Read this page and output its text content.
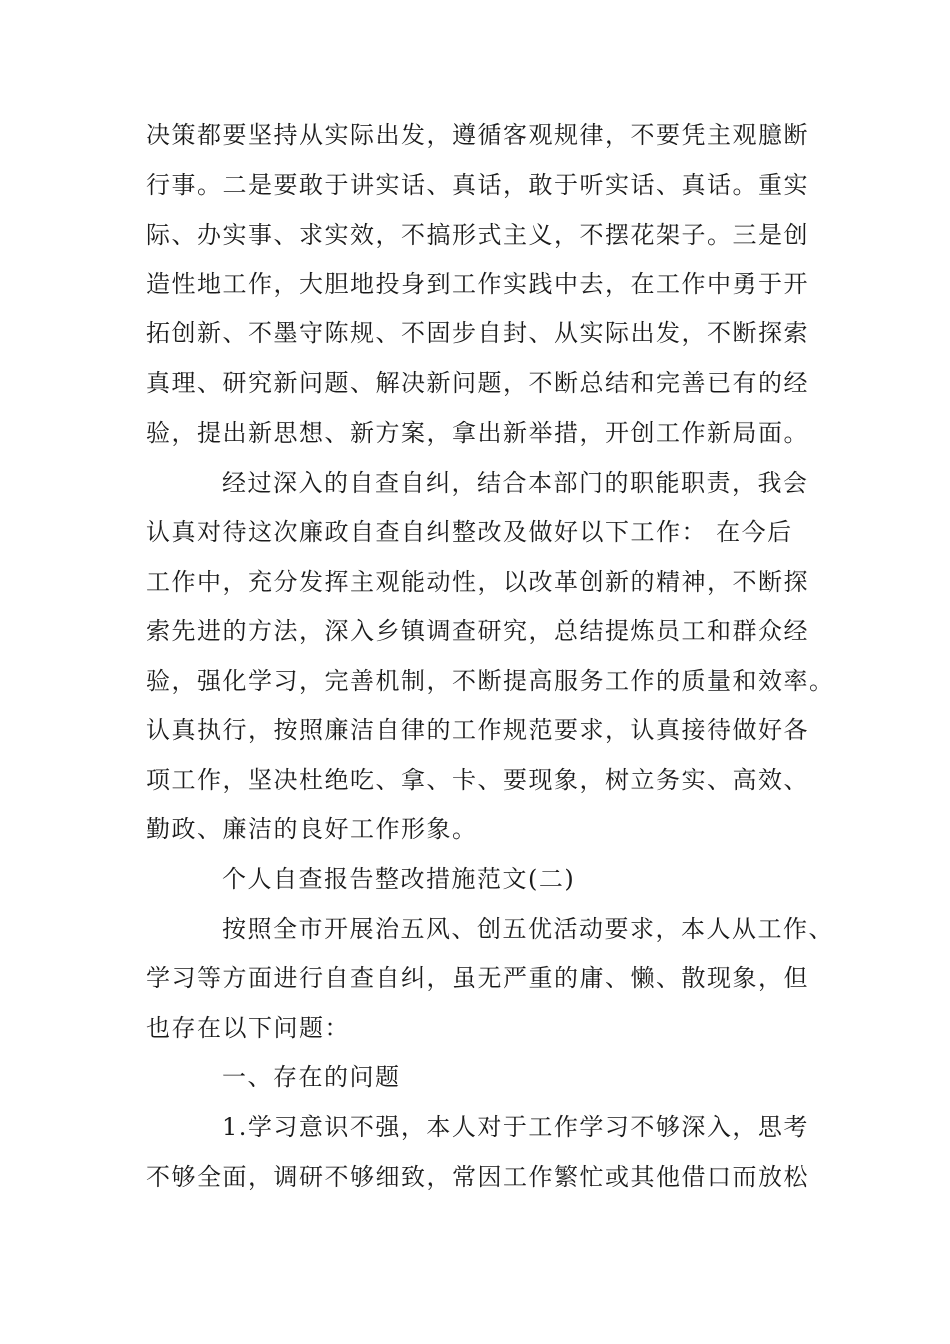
决策都要坚持从实际出发，遵循客观规律，不要凭主观臆断
行事。二是要敢于讲实话、真话，敢于听实话、真话。重实
际、办实事、求实效，不搞形式主义，不摆花架子。三是创
造性地工作，大胆地投身到工作实践中去，在工作中勇于开
拓创新、不墨守陈规、不固步自封、从实际出发，不断探索
真理、研究新问题、解决新问题，不断总结和完善已有的经
验，提出新思想、新方案，拿出新举措，开创工作新局面。
经过深入的自查自纠，结合本部门的职能职责，我会
认真对待这次廉政自查自纠整改及做好以下工作： 在今后
工作中，充分发挥主观能动性，以改革创新的精神，不断探
索先进的方法，深入乡镇调查研究，总结提炼员工和群众经
验，强化学习，完善机制，不断提高服务工作的质量和效率。
认真执行，按照廉洁自律的工作规范要求，认真接待做好各
项工作，坚决杜绝吃、拿、卡、要现象，树立务实、高效、
勤政、廉洁的良好工作形象。
个人自查报告整改措施范文(二)
按照全市开展治五风、创五优活动要求，本人从工作、
学习等方面进行自查自纠，虽无严重的庸、懒、散现象，但
也存在以下问题：
一、存在的问题
1.学习意识不强，本人对于工作学习不够深入，思考
不够全面，调研不够细致，常因工作繁忙或其他借口而放松
